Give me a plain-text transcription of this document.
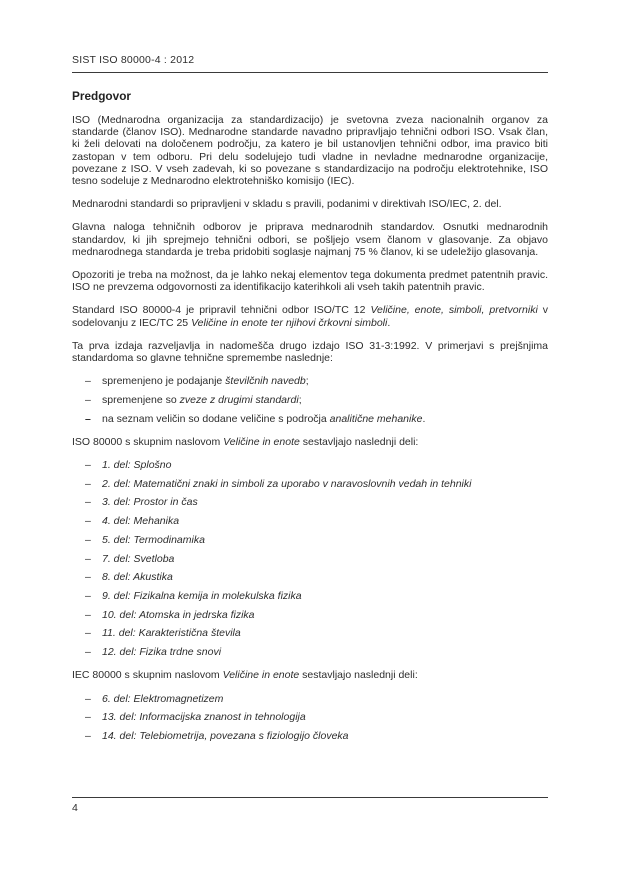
SIST ISO 80000-4 : 2012
Predgovor

ISO (Mednarodna organizacija za standardizacijo) je svetovna zveza nacionalnih organov za standarde (članov ISO). Mednarodne standarde navadno pripravljajo tehnični odbori ISO. Vsak član, ki želi delovati na določenem področju, za katero je bil ustanovljen tehnični odbor, ima pravico biti zastopan v tem odboru. Pri delu sodelujejo tudi vladne in nevladne mednarodne organizacije, povezane z ISO. V vseh zadevah, ki so povezane s standardizacijo na področju elektrotehnike, ISO tesno sodeluje z Mednarodno elektrotehniško komisijo (IEC).

Mednarodni standardi so pripravljeni v skladu s pravili, podanimi v direktivah ISO/IEC, 2. del.

Glavna naloga tehničnih odborov je priprava mednarodnih standardov. Osnutki mednarodnih standardov, ki jih sprejmejo tehnični odbori, se pošljejo vsem članom v glasovanje. Za objavo mednarodnega standarda je treba pridobiti soglasje najmanj 75 % članov, ki se udeležijo glasovanja.

Opozoriti je treba na možnost, da je lahko nekaj elementov tega dokumenta predmet patentnih pravic. ISO ne prevzema odgovornosti za identifikacijo katerihkoli ali vseh takih patentnih pravic.

Standard ISO 80000-4 je pripravil tehnični odbor ISO/TC 12 Veličine, enote, simboli, pretvorniki v sodelovanju z IEC/TC 25 Veličine in enote ter njihovi črkovni simboli.

Ta prva izdaja razveljavlja in nadomešča drugo izdajo ISO 31-3:1992. V primerjavi s prejšnjima standardoma so glavne tehnične spremembe naslednje:

–	spremenjeno je podajanje številčnih navedb;
–	spremenjene so zveze z drugimi standardi;
–	na seznam veličin so dodane veličine s področja analitične mehanike.

ISO 80000 s skupnim naslovom Veličine in enote sestavljajo naslednji deli:

–	1. del: Splošno
–	2. del: Matematični znaki in simboli za uporabo v naravoslovnih vedah in tehniki
–	3. del: Prostor in čas
–	4. del: Mehanika
–	5. del: Termodinamika
–	7. del: Svetloba
–	8. del: Akustika
–	9. del: Fizikalna kemija in molekulska fizika
–	10. del: Atomska in jedrska fizika
–	11. del: Karakteristična števila
–	12. del: Fizika trdne snovi

IEC 80000 s skupnim naslovom Veličine in enote sestavljajo naslednji deli:

–	6. del: Elektromagnetizem
–	13. del: Informacijska znanost in tehnologija
–	14. del: Telebiometrija, povezana s fiziologijo človeka
4
